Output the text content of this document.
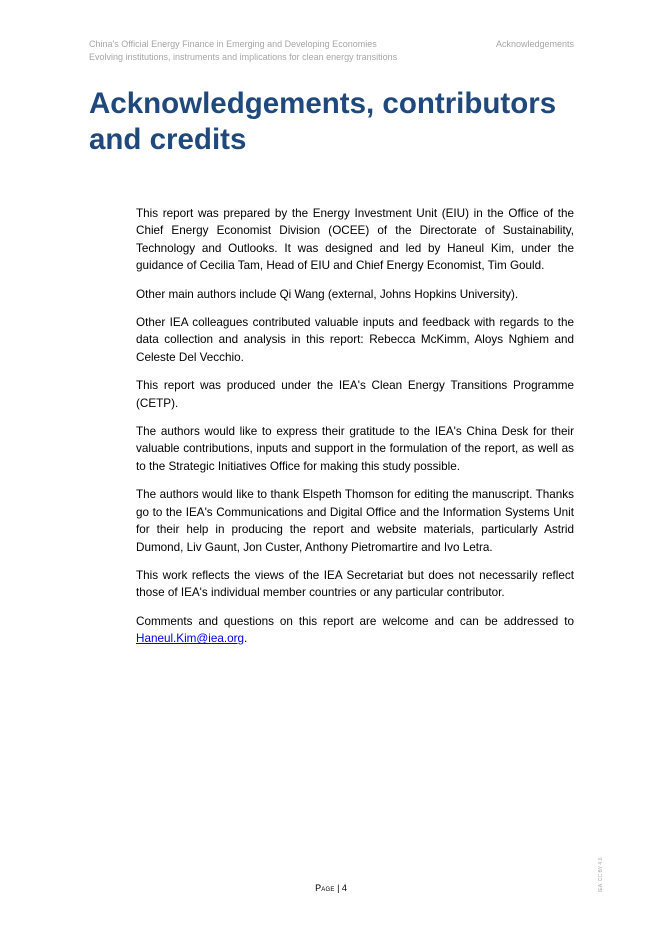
China's Official Energy Finance in Emerging and Developing Economies
Evolving institutions, instruments and implications for clean energy transitions
Acknowledgements
Acknowledgements, contributors
and credits

This report was prepared by the Energy Investment Unit (EIU) in the Office of the Chief Energy Economist Division (OCEE) of the Directorate of Sustainability, Technology and Outlooks. It was designed and led by Haneul Kim, under the guidance of Cecilia Tam, Head of EIU and Chief Energy Economist, Tim Gould.

Other main authors include Qi Wang (external, Johns Hopkins University).

Other IEA colleagues contributed valuable inputs and feedback with regards to the data collection and analysis in this report: Rebecca McKimm, Aloys Nghiem and Celeste Del Vecchio.

This report was produced under the IEA's Clean Energy Transitions Programme (CETP).

The authors would like to express their gratitude to the IEA's China Desk for their valuable contributions, inputs and support in the formulation of the report, as well as to the Strategic Initiatives Office for making this study possible.

The authors would like to thank Elspeth Thomson for editing the manuscript. Thanks go to the IEA's Communications and Digital Office and the Information Systems Unit for their help in producing the report and website materials, particularly Astrid Dumond, Liv Gaunt, Jon Custer, Anthony Pietromartire and Ivo Letra.

This work reflects the views of the IEA Secretariat but does not necessarily reflect those of IEA's individual member countries or any particular contributor.

Comments and questions on this report are welcome and can be addressed to Haneul.Kim@iea.org.

Page | 4	IEA. CC BY 4.0.
